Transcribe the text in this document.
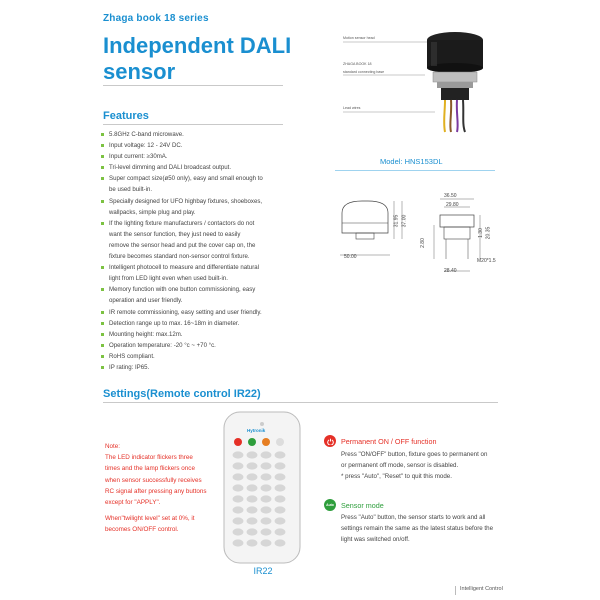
Zhaga book 18 series
Independent DALI
sensor
Features
5.8GHz C-band microwave.
Input voltage: 12 - 24V DC.
Input current: ≥30mA.
Tri-level dimming and DALI broadcast output.
Super compact size(ø50 only), easy and small enough to
be used built-in.
Specially designed for UFO highbay fixtures, shoeboxes,
wallpacks, simple plug and play.
If the lighting fixture manufacturers / contactors do not
want the sensor function, they just need to easily
remove the sensor head and put the cover cap on, the
fixture becomes standard non-sensor control fixture.
Intelligent photocell to measure and differentiate natural
light from LED light even when used built-in.
Memory function with one button commissioning, easy
operation and user friendly.
IR remote commissioning, easy setting and user friendly.
Detection range up to max. 16~18m in diameter.
Mounting height: max.12m.
Operation temperature: -20 °c ~ +70 °c.
RoHS compliant.
IP rating: IP65.
Motion sensor head
ZHAGA BOOK 18
standard connecting base
Lead wires
Model: HNS153DL
50.00
31.95 37.00
36.50
29.80
1.30
2.80
20.35
28.40
M20*1.5
Settings(Remote control IR22)
Note:
The LED indicator flickers three
times and the lamp flickers once
when sensor successfully receives
RC signal after pressing any buttons
except for "APPLY".
When"twilight level" set at 0%, it
becomes ON/OFF control.
Hytronik
IR22
Permanent ON / OFF function
Press "ON/OFF" button, fixture goes to permanent on
or permanent off mode, sensor is disabled.
* press "Auto", "Reset" to quit this mode.
Auto Sensor mode
Press "Auto" button, the sensor starts to work and all
settings remain the same as the latest status before the
light was switched on/off.
Intelligent Control
